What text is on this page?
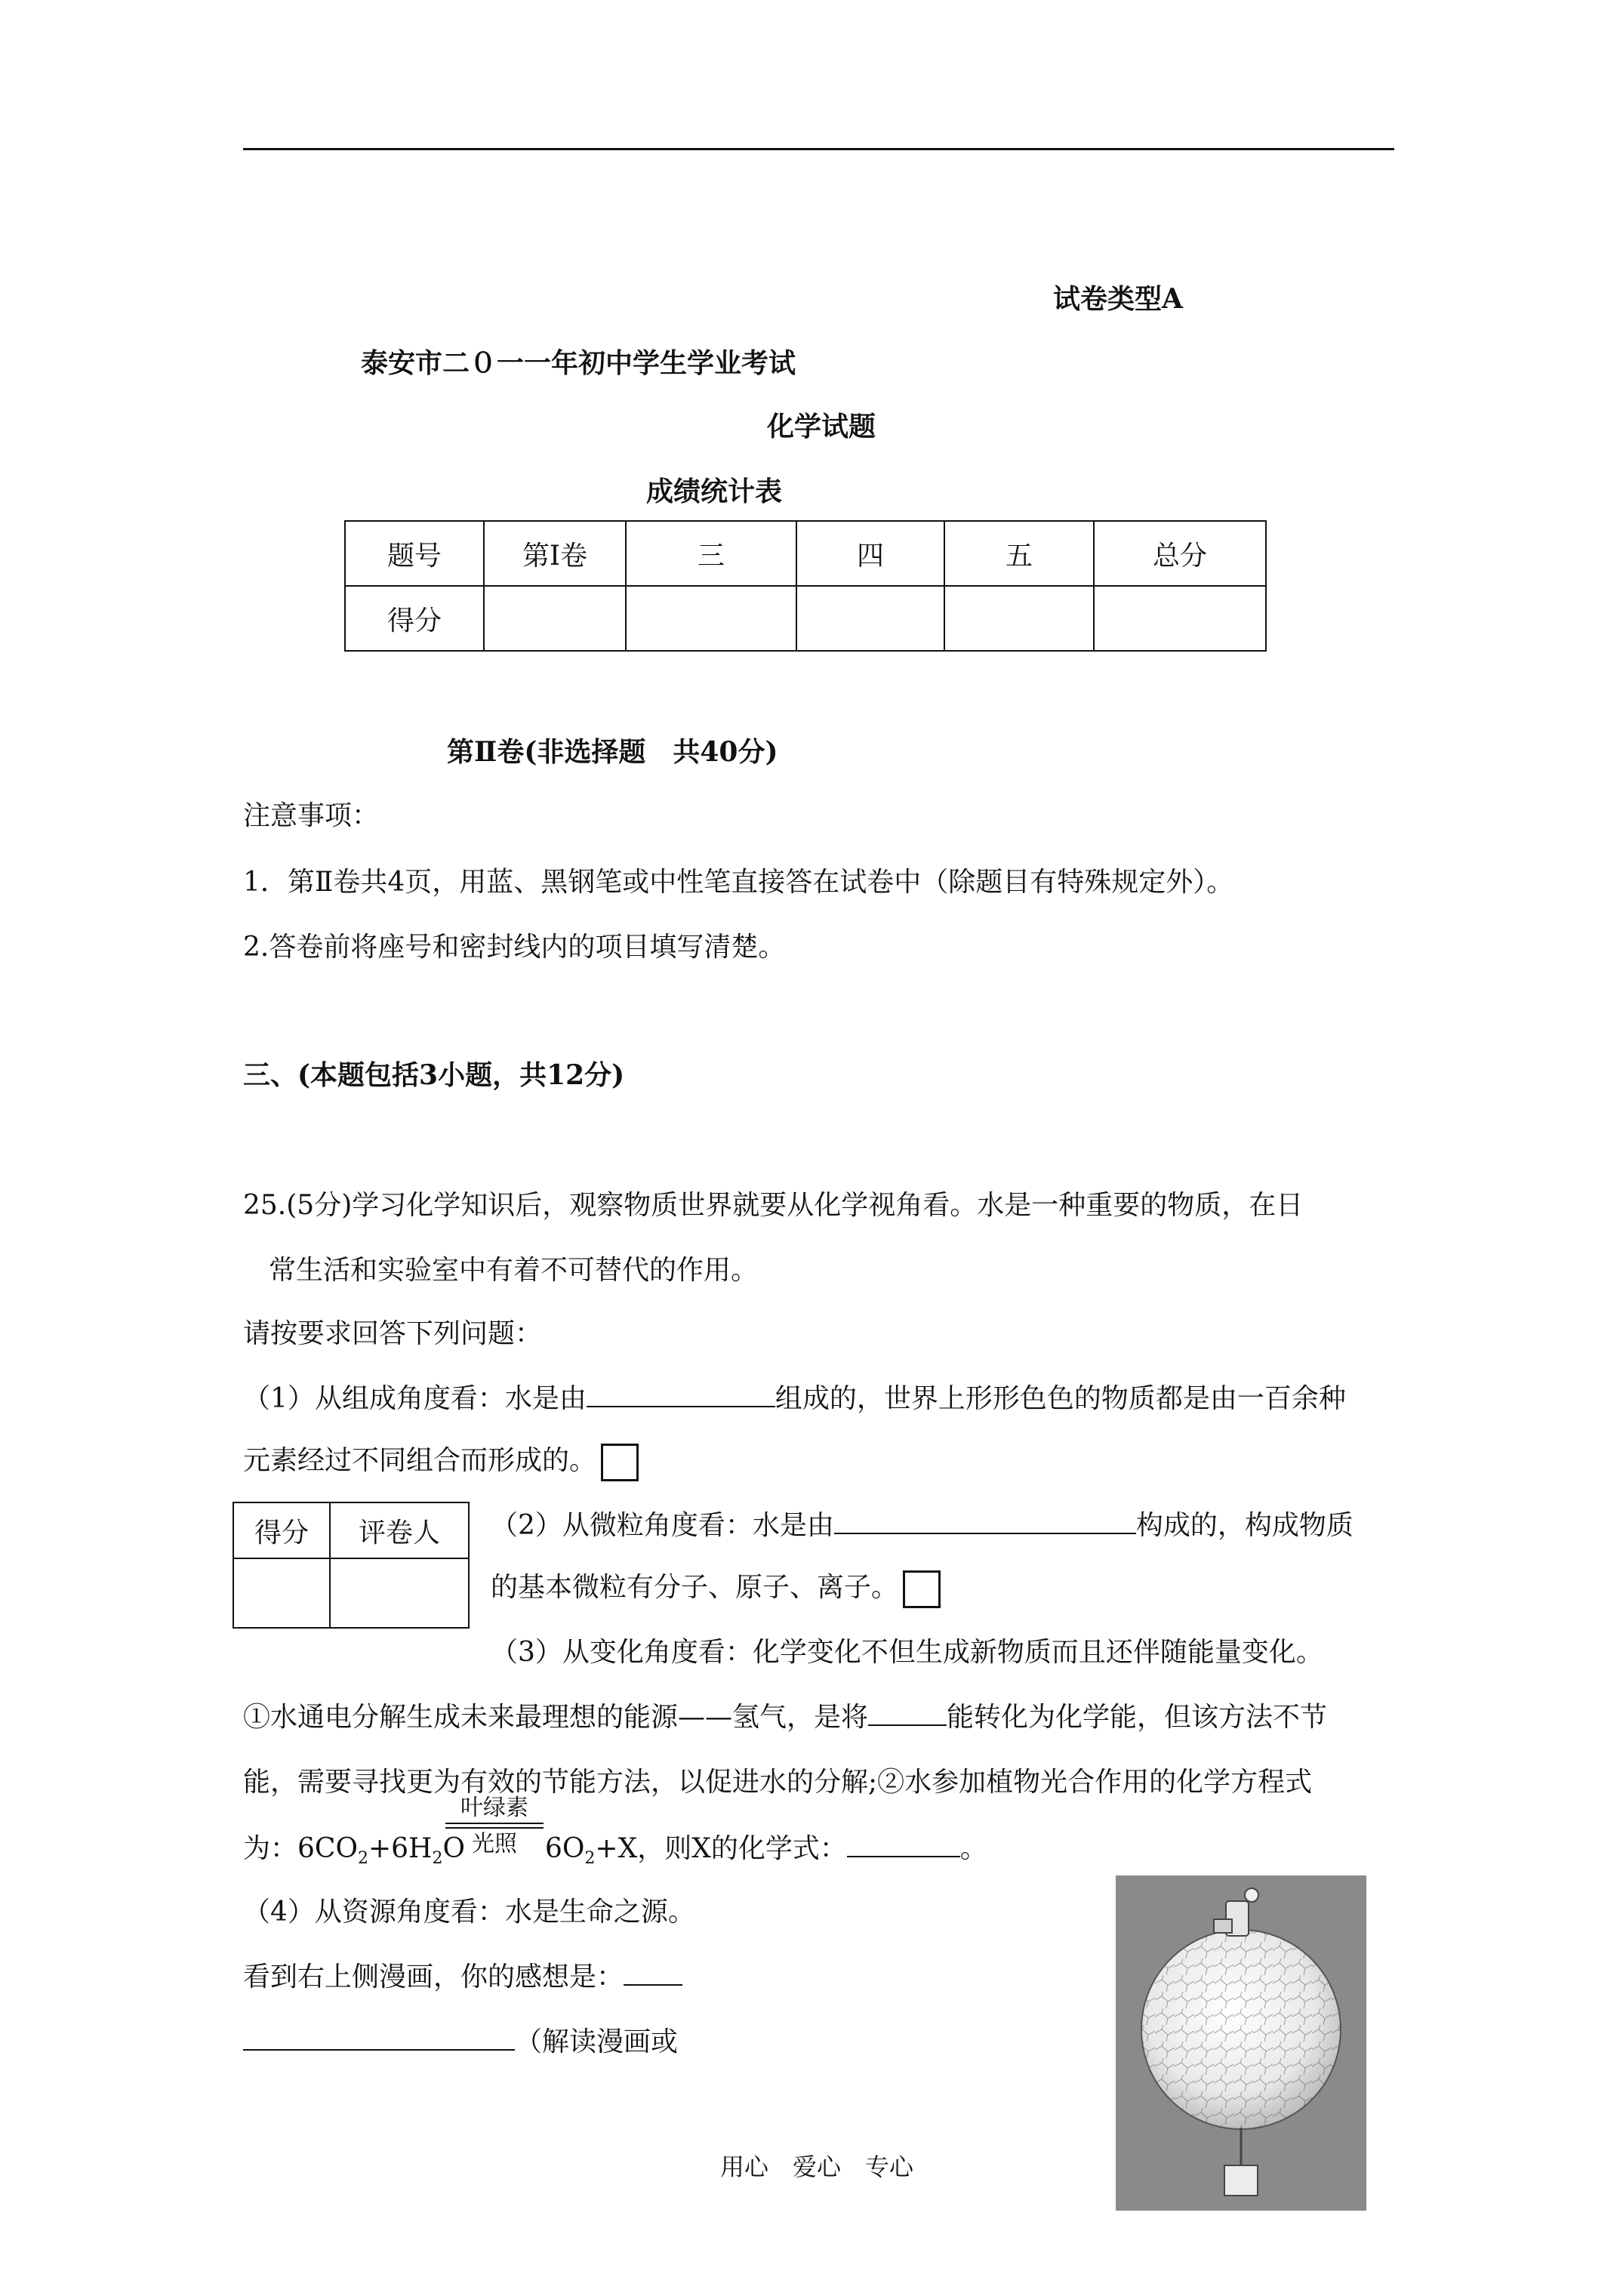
试卷类型A
泰安市二０一一年初中学生学业考试
化学试题
成绩统计表
题号	第Ⅰ卷	三	四	五	总分
得分					
第Ⅱ卷(非选择题　共40分)
注意事项：
1．第Ⅱ卷共4页，用蓝、黑钢笔或中性笔直接答在试卷中（除题目有特殊规定外）。
2.答卷前将座号和密封线内的项目填写清楚。
三、(本题包括3小题，共12分)
25.(5分)学习化学知识后，观察物质世界就要从化学视角看。水是一种重要的物质，在日
常生活和实验室中有着不可替代的作用。
请按要求回答下列问题：
（1）从组成角度看：水是由	组成的，世界上形形色色的物质都是由一百余种
元素经过不同组合而形成的。
得分	评卷人
	（2）从微粒角度看：水是由	构成的，构成物质
的基本微粒有分子、原子、离子。
（3）从变化角度看：化学变化不但生成新物质而且还伴随能量变化。
①水通电分解生成未来最理想的能源——氢气，是将	能转化为化学能，但该方法不节
能，需要寻找更为有效的节能方法，以促进水的分解;②水参加植物光合作用的化学方程式
为：$6CO_2+6H_2O$
叶绿素
光照	$6O_2+X$，则X的化学式：	。
（4）从资源角度看：水是生命之源。
看到右上侧漫画，你的感想是：
（解读漫画或
用心　爱心　专心
